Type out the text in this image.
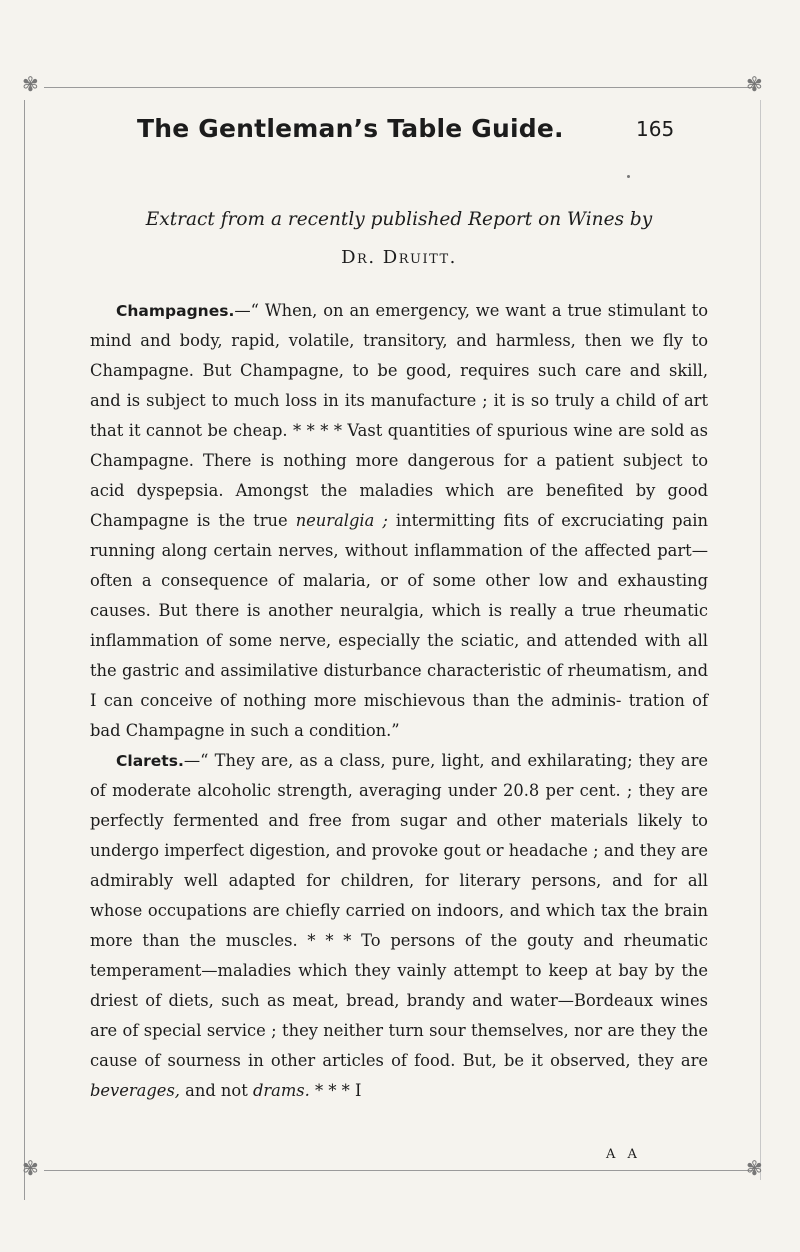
✾	✾
✾	✾
The Gentleman’s Table Guide.	165
Extract from a recently published Report on Wines by
Dr. Druitt.

Champagnes.—“ When, on an emergency, we want a true stimulant to mind and body, rapid, volatile, transitory, and harmless, then we fly to Champagne. But Champagne, to be good, requires such care and skill, and is subject to much loss in its manufacture ; it is so truly a child of art that it cannot be cheap. * * * * Vast quantities of spurious wine are sold as Champagne. There is nothing more dangerous for a patient subject to acid dyspepsia. Amongst the maladies which are benefited by good Champagne is the true neuralgia ; intermitting fits of excruciating pain running along certain nerves, without inflammation of the affected part—often a consequence of malaria, or of some other low and exhausting causes. But there is another neuralgia, which is really a true rheumatic inflammation of some nerve, especially the sciatic, and attended with all the gastric and assimilative disturbance characteristic of rheumatism, and I can conceive of nothing more mischievous than the adminis- tration of bad Champagne in such a condition.”

Clarets.—“ They are, as a class, pure, light, and exhilarating; they are of moderate alcoholic strength, averaging under 20.8 per cent. ; they are perfectly fermented and free from sugar and other materials likely to undergo imperfect digestion, and provoke gout or headache ; and they are admirably well adapted for children, for literary persons, and for all whose occupations are chiefly carried on indoors, and which tax the brain more than the muscles. * * * To persons of the gouty and rheumatic temperament—maladies which they vainly attempt to keep at bay by the driest of diets, such as meat, bread, brandy and water—Bordeaux wines are of special service ; they neither turn sour themselves, nor are they the cause of sourness in other articles of food. But, be it observed, they are beverages, and not drams. * * * I

A A
